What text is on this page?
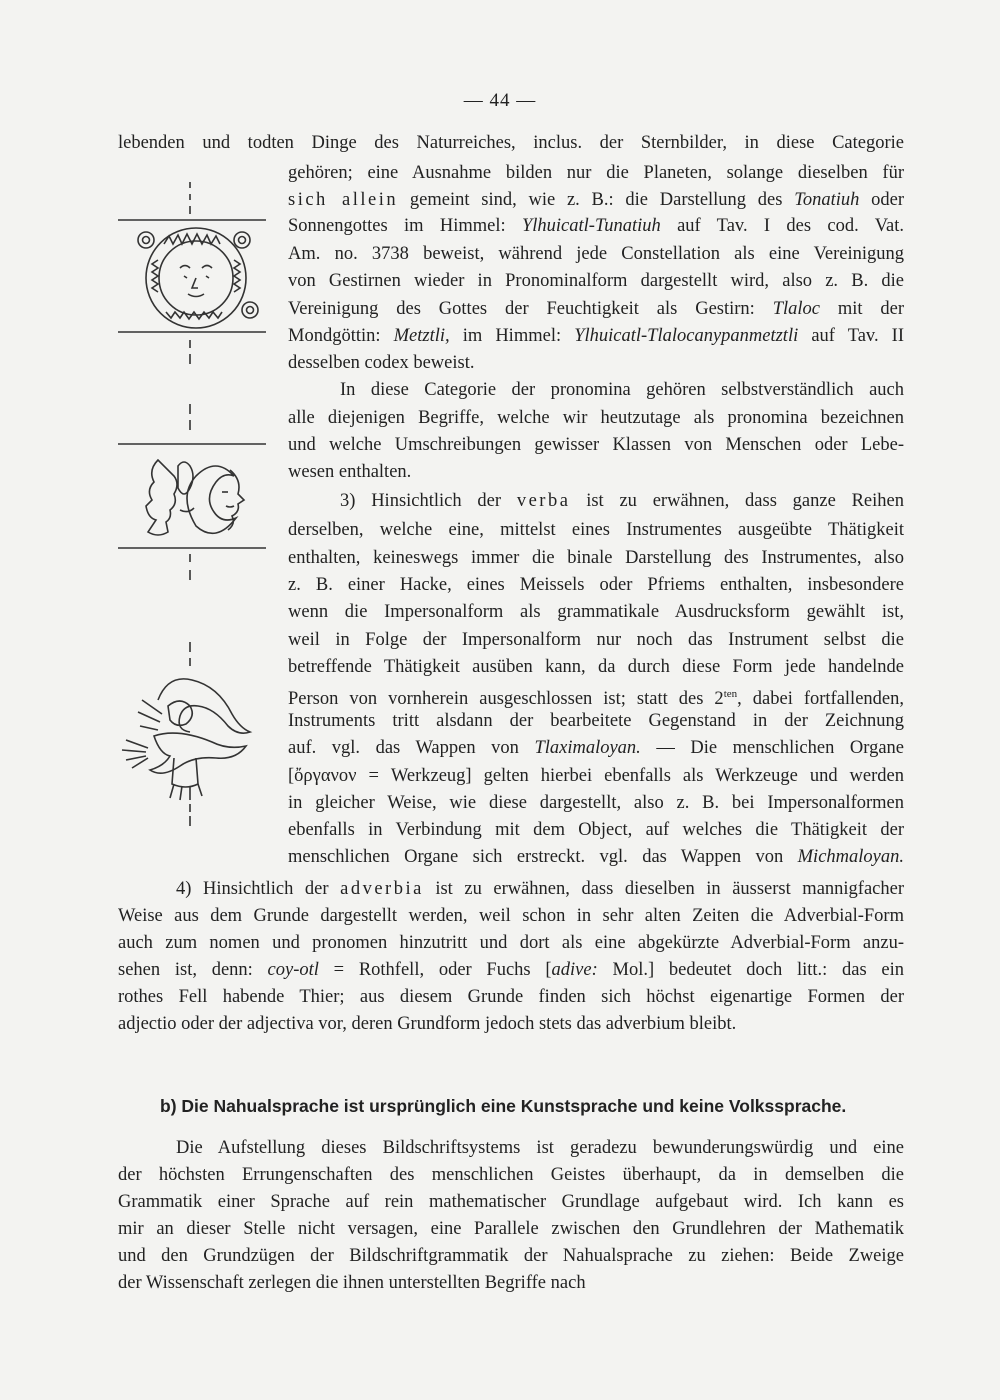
— 44 —
lebenden und todten Dinge des Naturreiches, inclus. der Sternbilder, in diese Categorie
gehören; eine Ausnahme bilden nur die Planeten, solange dieselben für
sich allein gemeint sind, wie z. B.: die Darstellung des Tonatiuh oder
Sonnengottes im Himmel: Ylhuicatl-Tunatiuh auf Tav. I des cod. Vat.
Am. no. 3738 beweist, während jede Constellation als eine Vereinigung
von Gestirnen wieder in Pronominalform dargestellt wird, also z. B. die
Vereinigung des Gottes der Feuchtigkeit als Gestirn: Tlaloc mit der
Mondgöttin: Metztli, im Himmel: Ylhuicatl-Tlalocanypanmetztli auf Tav. II
desselben codex beweist.
In diese Categorie der pronomina gehören selbstverständlich auch
alle diejenigen Begriffe, welche wir heutzutage als pronomina bezeichnen
und welche Umschreibungen gewisser Klassen von Menschen oder Lebe-
wesen enthalten.
3) Hinsichtlich der verba ist zu erwähnen, dass ganze Reihen
derselben, welche eine, mittelst eines Instrumentes ausgeübte Thätigkeit
enthalten, keineswegs immer die binale Darstellung des Instrumentes, also
z. B. einer Hacke, eines Meissels oder Pfriems enthalten, insbesondere
wenn die Impersonalform als grammatikale Ausdrucksform gewählt ist,
weil in Folge der Impersonalform nur noch das Instrument selbst die
betreffende Thätigkeit ausüben kann, da durch diese Form jede handelnde
Person von vornherein ausgeschlossen ist; statt des $2^{ten}$, dabei fortfallenden,
Instruments tritt alsdann der bearbeitete Gegenstand in der Zeichnung
auf. vgl. das Wappen von Tlaximaloyan. — Die menschlichen Organe
[ὄργανον = Werkzeug] gelten hierbei ebenfalls als Werkzeuge und werden
in gleicher Weise, wie diese dargestellt, also z. B. bei Impersonalformen
ebenfalls in Verbindung mit dem Object, auf welches die Thätigkeit der
menschlichen Organe sich erstreckt. vgl. das Wappen von Michmaloyan.
4) Hinsichtlich der adverbia ist zu erwähnen, dass dieselben in äusserst mannigfacher
Weise aus dem Grunde dargestellt werden, weil schon in sehr alten Zeiten die Adverbial-Form
auch zum nomen und pronomen hinzutritt und dort als eine abgekürzte Adverbial-Form anzu-
sehen ist, denn: coy-otl = Rothfell, oder Fuchs [adive: Mol.] bedeutet doch litt.: das ein
rothes Fell habende Thier; aus diesem Grunde finden sich höchst eigenartige Formen der
adjectio oder der adjectiva vor, deren Grundform jedoch stets das adverbium bleibt.
b) Die Nahualsprache ist ursprünglich eine Kunstsprache und keine Volkssprache.
Die Aufstellung dieses Bildschriftsystems ist geradezu bewunderungswürdig und eine
der höchsten Errungenschaften des menschlichen Geistes überhaupt, da in demselben die
Grammatik einer Sprache auf rein mathematischer Grundlage aufgebaut wird. Ich kann es
mir an dieser Stelle nicht versagen, eine Parallele zwischen den Grundlehren der Mathematik
und den Grundzügen der Bildschriftgrammatik der Nahualsprache zu ziehen: Beide Zweige
der Wissenschaft zerlegen die ihnen unterstellten Begriffe nach
